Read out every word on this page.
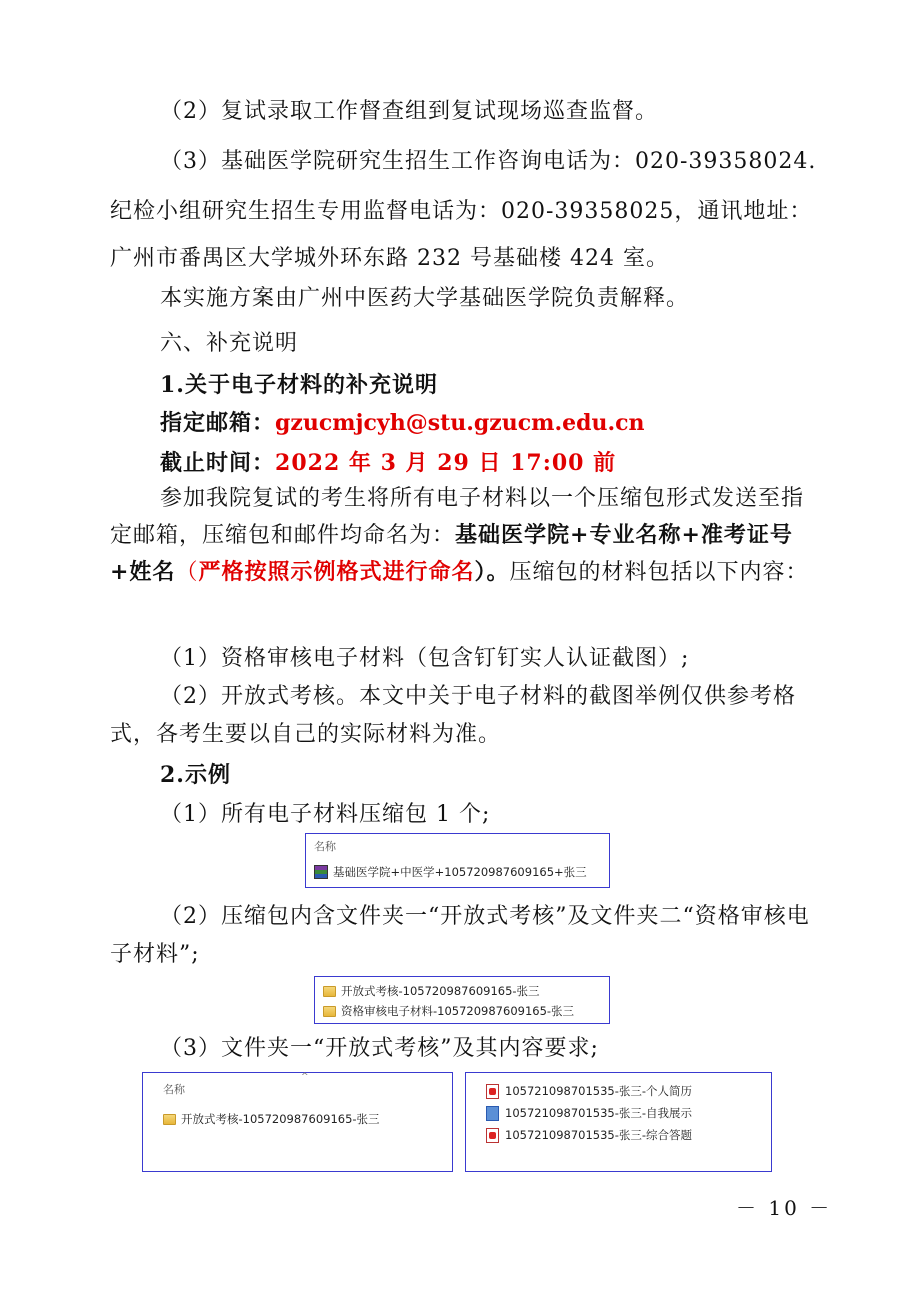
（2）复试录取工作督查组到复试现场巡查监督。
（3）基础医学院研究生招生工作咨询电话为：020-39358024.
纪检小组研究生招生专用监督电话为：020-39358025，通讯地址：
广州市番禺区大学城外环东路 232 号基础楼 424 室。
本实施方案由广州中医药大学基础医学院负责解释。
六、补充说明
1.关于电子材料的补充说明
指定邮箱：gzucmjcyh@stu.gzucm.edu.cn
截止时间：2022 年 3 月 29 日 17:00 前
参加我院复试的考生将所有电子材料以一个压缩包形式发送至指定邮箱，压缩包和邮件均命名为：基础医学院+专业名称+准考证号+姓名（严格按照示例格式进行命名）。压缩包的材料包括以下内容：
（1）资格审核电子材料（包含钉钉实人认证截图）;
（2）开放式考核。本文中关于电子材料的截图举例仅供参考格式，各考生要以自己的实际材料为准。
2.示例
（1）所有电子材料压缩包 1 个;
名称
基础医学院+中医学+105720987609165+张三
（2）压缩包内含文件夹一“开放式考核”及文件夹二“资格审核电子材料”;
开放式考核-105720987609165-张三
资格审核电子材料-105720987609165-张三
（3）文件夹一“开放式考核”及其内容要求;
名称
^
开放式考核-105720987609165-张三
105721098701535-张三-个人简历
105721098701535-张三-自我展示
105721098701535-张三-综合答题
－ 10 －
